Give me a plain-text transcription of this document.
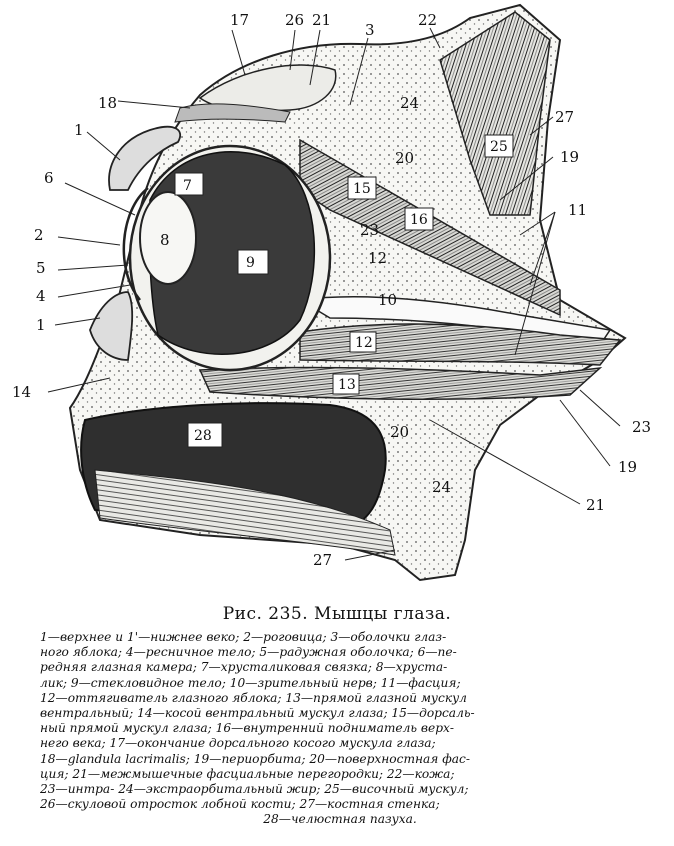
17 26 21
3
22
18	24
27
1
25
20	19
6	7	15
11
16
2	8
9
23
12
5
4	10
1
12
14	13
28	20	23
19
24
21
27
Рис. 235. Мышцы глаза.
1—верхнее и 1'—нижнее веко; 2—роговица; 3—оболочки глаз-
ного яблока; 4—ресничное тело; 5—радужная оболочка; 6—пе-
редняя глазная камера; 7—хрусталиковая связка; 8—хруста-
лик; 9—стекловидное тело; 10—зрительный нерв; 11—фасция;
12—оттягиватель глазного яблока; 13—прямой глазной мускул
вентральный; 14—косой вентральный мускул глаза; 15—дорсаль-
ный прямой мускул глаза; 16—внутренний подниматель верх-
него века; 17—окончание дорсального косого мускула глаза;
18—glandula lacrimalis; 19—периорбита; 20—поверхностная фас-
ция; 21—межмышечные фасциальные перегородки; 22—кожа;
23—интра- 24—экстраорбитальный жир; 25—височный мускул;
26—скуловой отросток лобной кости; 27—костная стенка;
28—челюстная пазуха.
